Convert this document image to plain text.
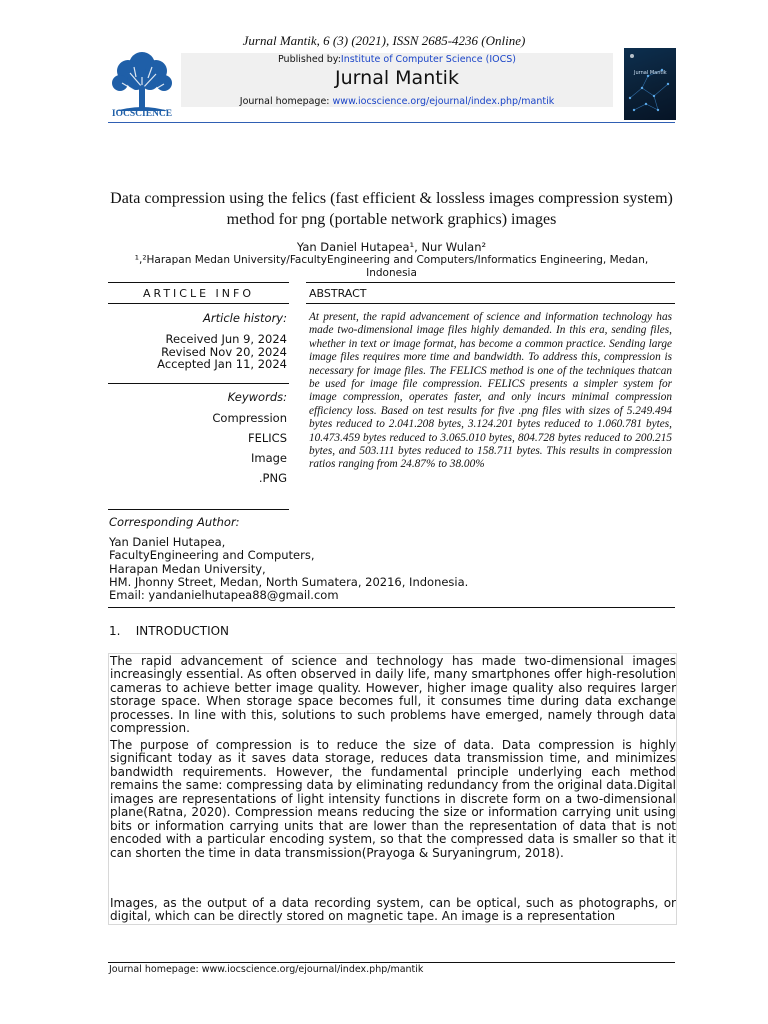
Jurnal Mantik, 6 (3) (2021), ISSN 2685-4236 (Online)
IOCSCIENCE
Published by:Institute of Computer Science (IOCS)
Jurnal Mantik
Journal homepage: www.iocscience.org/ejournal/index.php/mantik
Jurnal Mantik
Data compression using the felics (fast efficient & lossless images compression system) method for png (portable network graphics) images
Yan Daniel Hutapea¹, Nur Wulan²
¹,²Harapan Medan University/FacultyEngineering and Computers/Informatics Engineering, Medan, Indonesia
ARTICLE INFO
Article history:
Received Jun 9, 2024
Revised Nov 20, 2024
Accepted Jan 11, 2024
Keywords:
Compression
FELICS
Image
.PNG
ABSTRACT
At present, the rapid advancement of science and information technology has made two-dimensional image files highly demanded. In this era, sending files, whether in text or image format, has become a common practice. Sending large image files requires more time and bandwidth. To address this, compression is necessary for image files. The FELICS method is one of the techniques thatcan be used for image file compression. FELICS presents a simpler system for image compression, operates faster, and only incurs minimal compression efficiency loss. Based on test results for five .png files with sizes of 5.249.494 bytes reduced to 2.041.208 bytes, 3.124.201 bytes reduced to 1.060.781 bytes, 10.473.459 bytes reduced to 3.065.010 bytes, 804.728 bytes reduced to 200.215 bytes, and 503.111 bytes reduced to 158.711 bytes. This results in compression ratios ranging from 24.87% to 38.00%
Corresponding Author:
Yan Daniel Hutapea,
FacultyEngineering and Computers,
Harapan Medan University,
HM. Jhonny Street, Medan, North Sumatera, 20216, Indonesia.
Email: yandanielhutapea88@gmail.com
1.    INTRODUCTION
The rapid advancement of science and technology has made two-dimensional images increasingly essential. As often observed in daily life, many smartphones offer high-resolution cameras to achieve better image quality. However, higher image quality also requires larger storage space. When storage space becomes full, it consumes time during data exchange processes. In line with this, solutions to such problems have emerged, namely through data compression.
The purpose of compression is to reduce the size of data. Data compression is highly significant today as it saves data storage, reduces data transmission time, and minimizes bandwidth requirements. However, the fundamental principle underlying each method remains the same: compressing data by eliminating redundancy from the original data.Digital images are representations of light intensity functions in discrete form on a two-dimensional plane(Ratna, 2020). Compression means reducing the size or information carrying unit using bits or information carrying units that are lower than the representation of data that is not encoded with a particular encoding system, so that the compressed data is smaller so that it can shorten the time in data transmission(Prayoga & Suryaningrum, 2018).
Images, as the output of a data recording system, can be optical, such as photographs, or digital, which can be directly stored on magnetic tape. An image is a representation
Journal homepage: www.iocscience.org/ejournal/index.php/mantik
